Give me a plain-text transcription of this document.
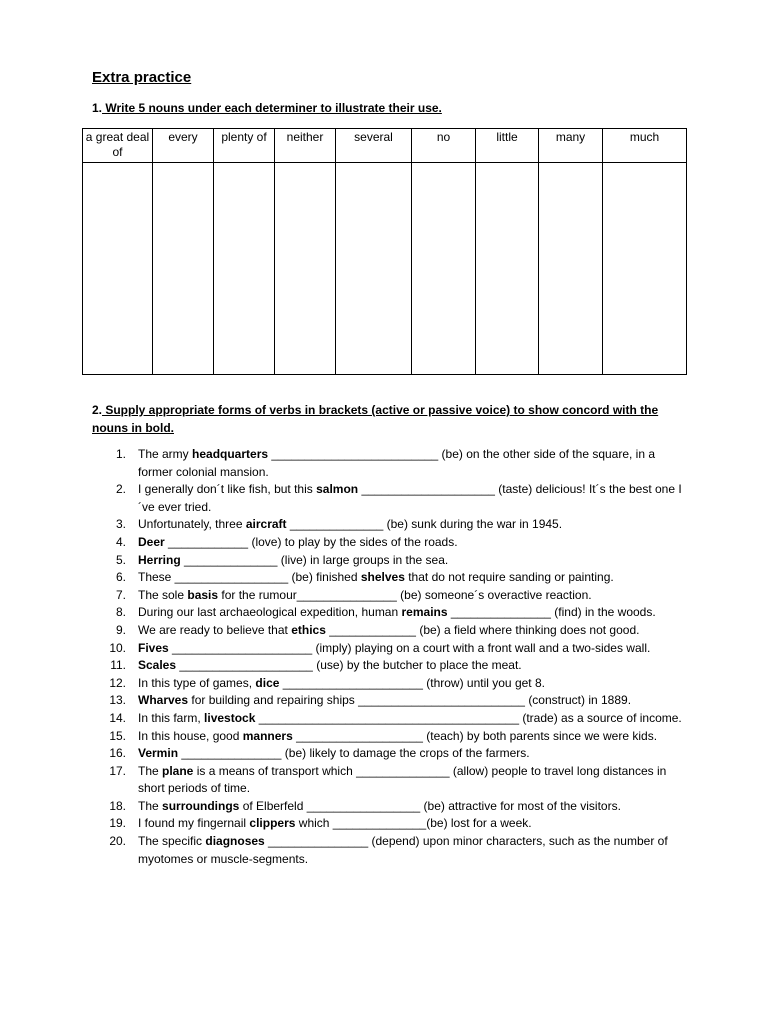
Extra practice
1. Write 5 nouns under each determiner to illustrate their use.
a great deal of	every	plenty of	neither	several	no	little	many	much

2. Supply appropriate forms of verbs in brackets (active or passive voice) to show concord with the nouns in bold.
1. The army headquarters _________________________ (be) on the other side of the square, in a former colonial mansion.
2. I generally don´t like fish, but this salmon ____________________ (taste) delicious! It´s the best one I´ve ever tried.
3. Unfortunately, three aircraft ______________ (be) sunk during the war in 1945.
4. Deer ____________ (love) to play by the sides of the roads.
5. Herring ______________ (live) in large groups in the sea.
6. These _________________ (be) finished shelves that do not require sanding or painting.
7. The sole basis for the rumour_______________ (be) someone´s overactive reaction.
8. During our last archaeological expedition, human remains _______________ (find) in the woods.
9. We are ready to believe that ethics _____________ (be) a field where thinking does not good.
10. Fives _____________________ (imply) playing on a court with a front wall and a two-sides wall.
11. Scales ____________________ (use) by the butcher to place the meat.
12. In this type of games, dice _____________________ (throw) until you get 8.
13. Wharves for building and repairing ships _________________________ (construct) in 1889.
14. In this farm, livestock _______________________________________ (trade) as a source of income.
15. In this house, good manners ___________________ (teach) by both parents since we were kids.
16. Vermin _______________ (be) likely to damage the crops of the farmers.
17. The plane is a means of transport which ______________ (allow) people to travel long distances in short periods of time.
18. The surroundings of Elberfeld _________________ (be) attractive for most of the visitors.
19. I found my fingernail clippers which ______________(be) lost for a week.
20. The specific diagnoses _______________ (depend) upon minor characters, such as the number of myotomes or muscle-segments.
